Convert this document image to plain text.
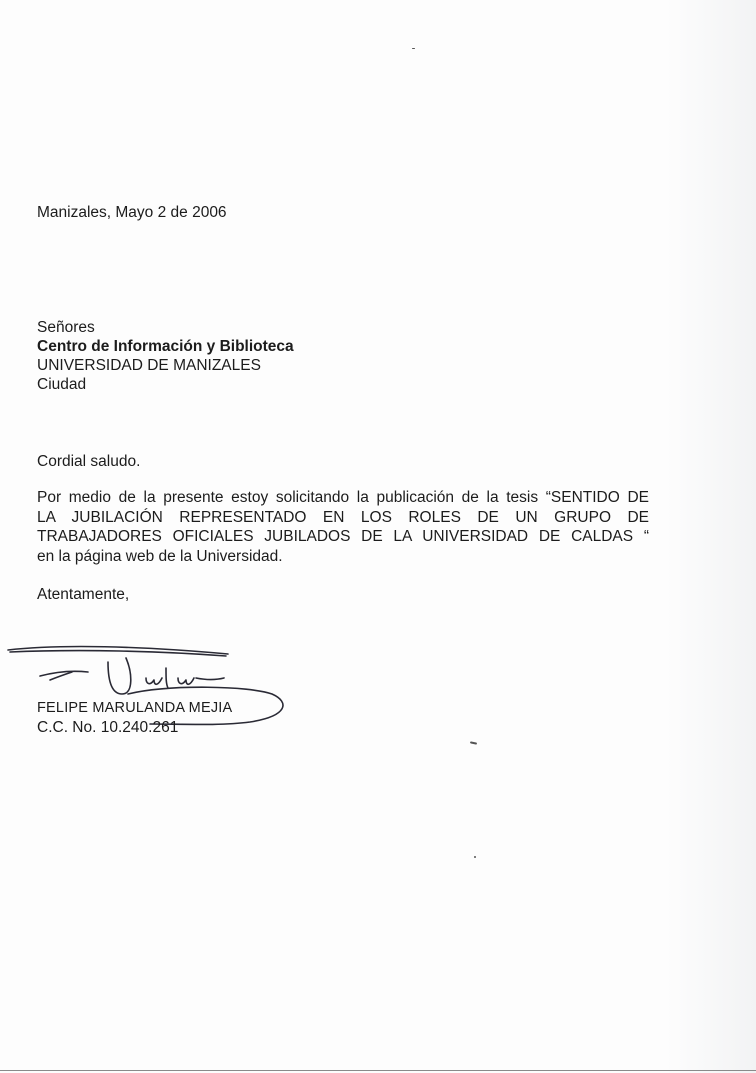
Manizales, Mayo 2 de 2006
Señores
Centro de Información y Biblioteca
UNIVERSIDAD DE MANIZALES
Ciudad
Cordial saludo.
Por medio de la presente estoy solicitando la publicación de la tesis “SENTIDO DE
LA JUBILACIÓN REPRESENTADO EN LOS ROLES DE UN GRUPO DE
TRABAJADORES OFICIALES JUBILADOS DE LA UNIVERSIDAD DE CALDAS “
en la página web de la Universidad.
Atentamente,
FELIPE MARULANDA MEJIA
C.C. No. 10.240.261
